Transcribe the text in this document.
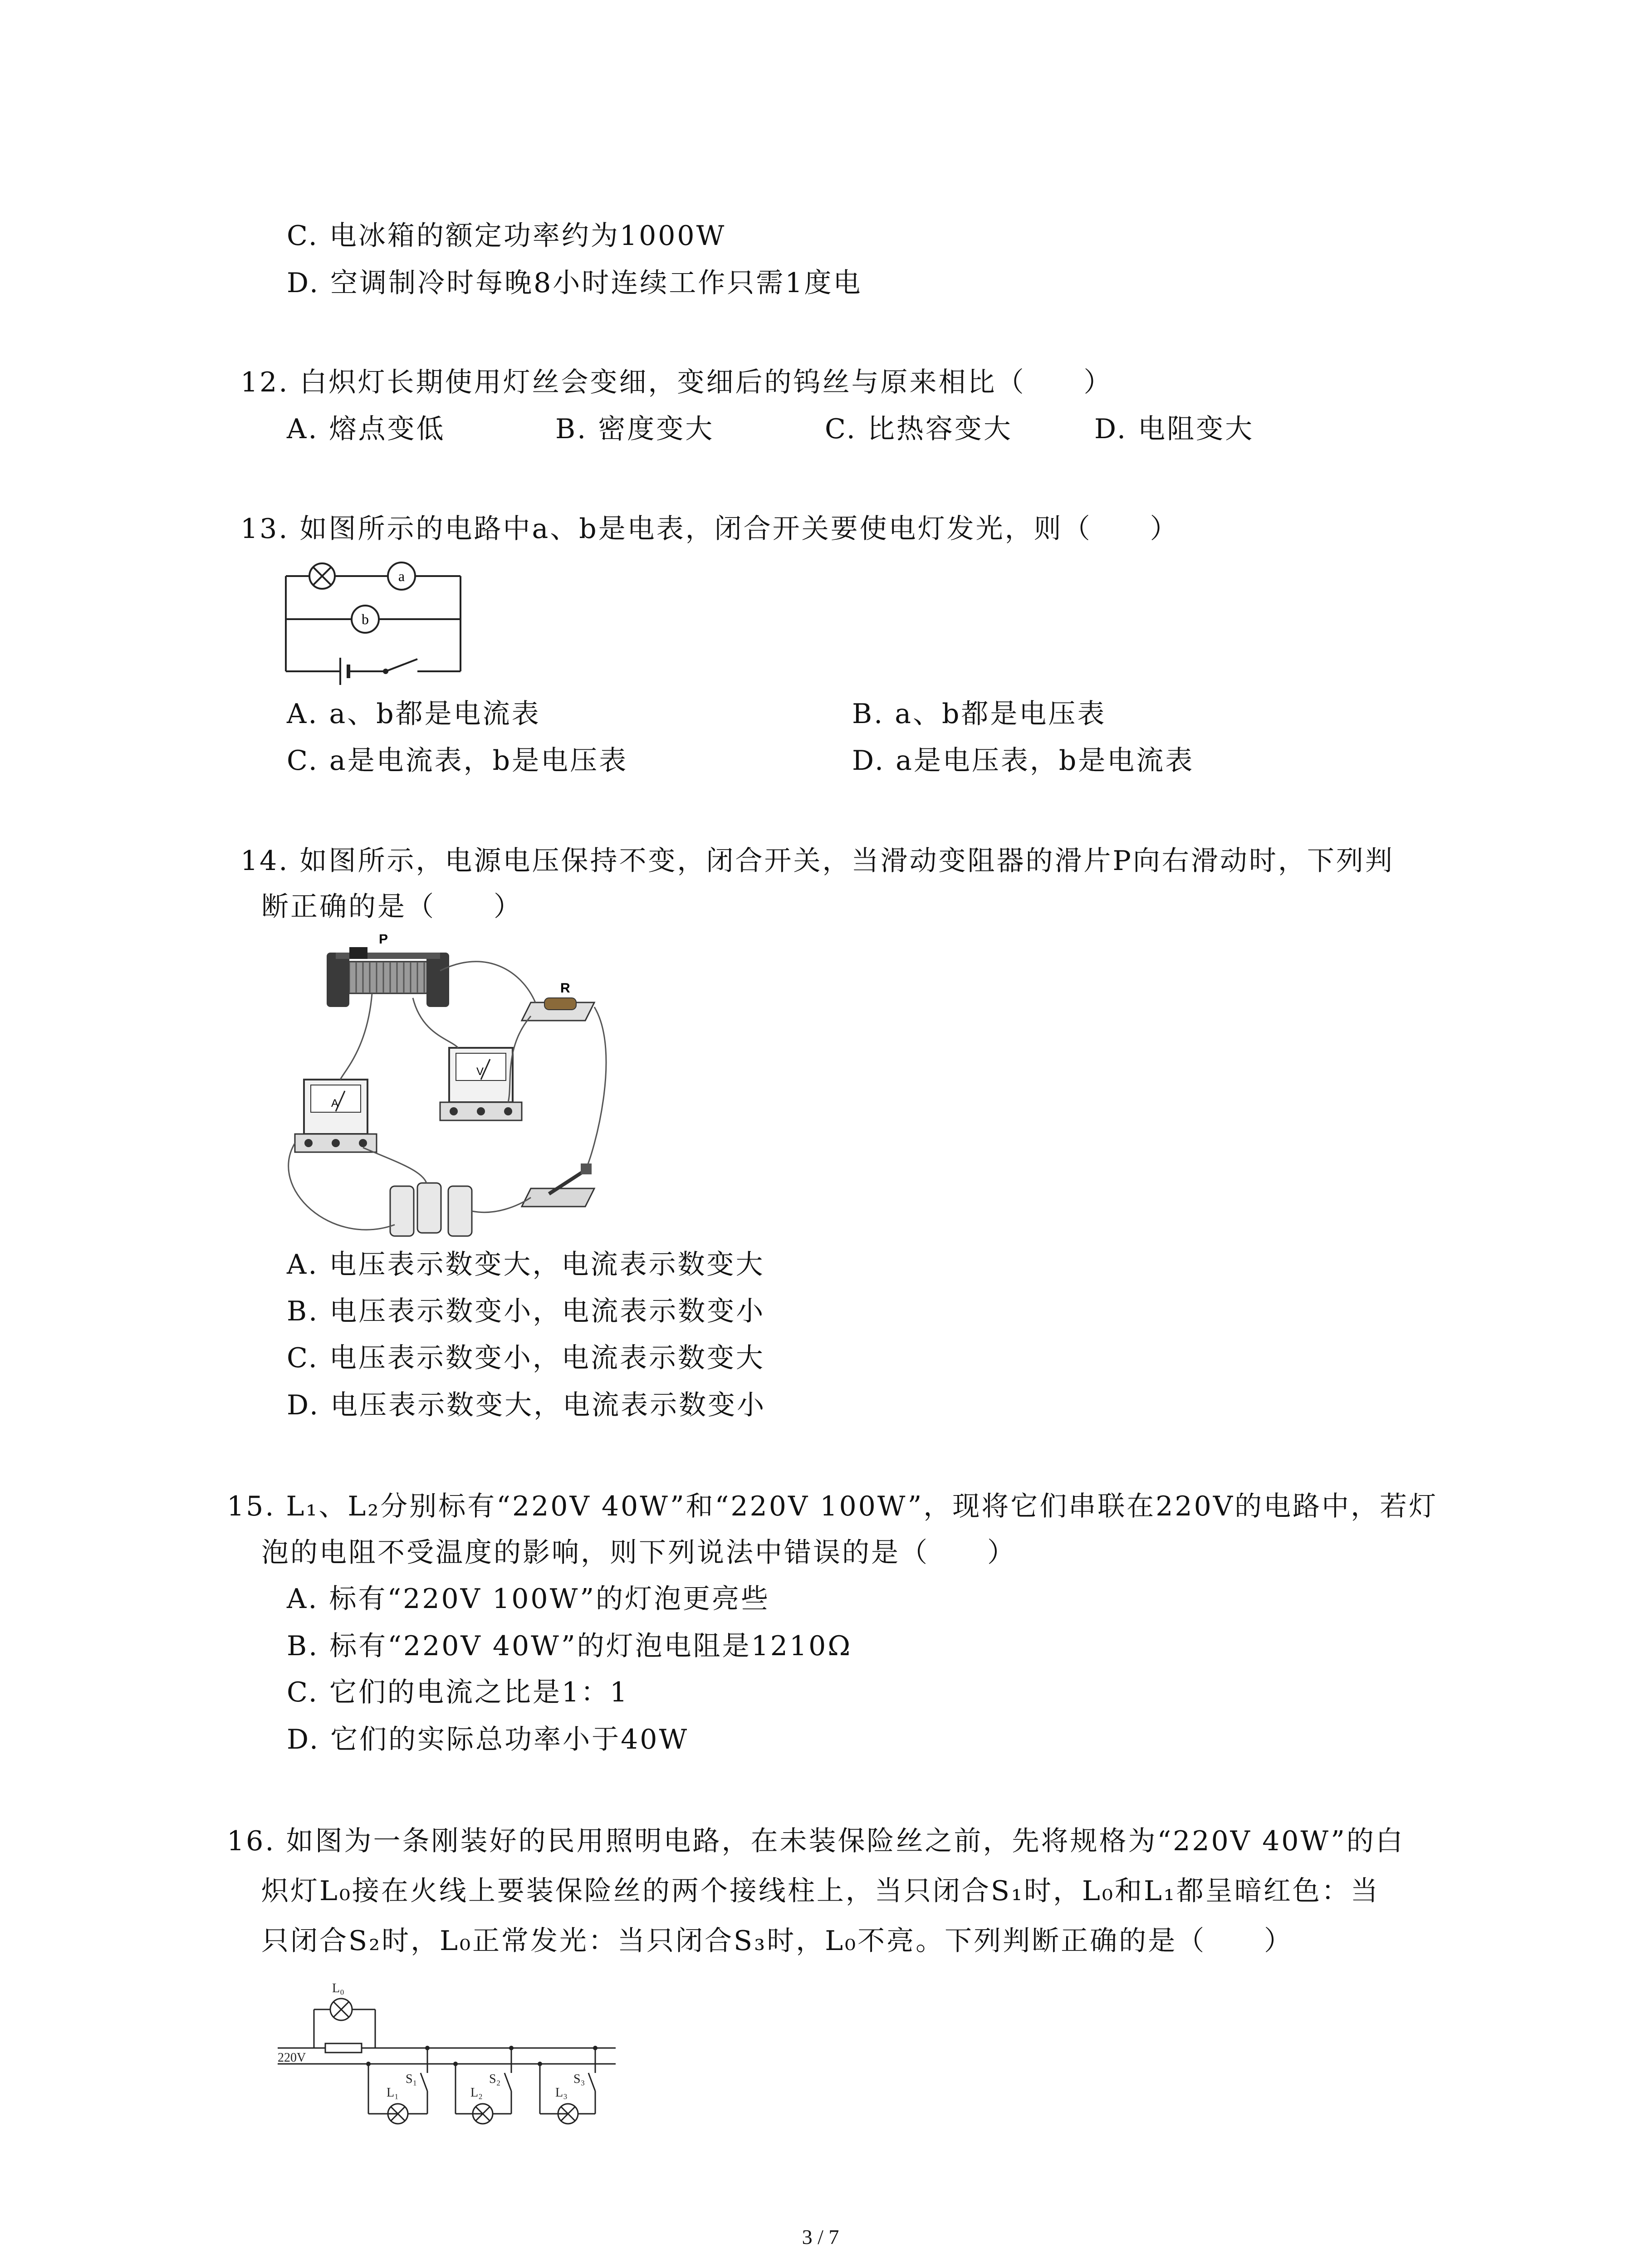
C. 电冰箱的额定功率约为1000W
D. 空调制冷时每晚8小时连续工作只需1度电
12. 白炽灯长期使用灯丝会变细，变细后的钨丝与原来相比（　　）
A. 熔点变低	B. 密度变大	C. 比热容变大	D. 电阻变大
13. 如图所示的电路中a、b是电表，闭合开关要使电灯发光，则（　　）
a
b
A. a、b都是电流表	B. a、b都是电压表
C. a是电流表，b是电压表	D. a是电压表，b是电流表
14. 如图所示，电源电压保持不变，闭合开关，当滑动变阻器的滑片P向右滑动时，下列判
断正确的是（　　）
P
R
V
A
A. 电压表示数变大，电流表示数变大
B. 电压表示数变小，电流表示数变小
C. 电压表示数变小，电流表示数变大
D. 电压表示数变大，电流表示数变小
15. L₁、L₂分别标有“220V 40W”和“220V 100W”，现将它们串联在220V的电路中，若灯
泡的电阻不受温度的影响，则下列说法中错误的是（　　）
A. 标有“220V 100W”的灯泡更亮些
B. 标有“220V 40W”的灯泡电阻是1210Ω
C. 它们的电流之比是1：1
D. 它们的实际总功率小于40W
16. 如图为一条刚装好的民用照明电路，在未装保险丝之前，先将规格为“220V 40W”的白
炽灯L₀接在火线上要装保险丝的两个接线柱上，当只闭合S₁时，L₀和L₁都呈暗红色：当
只闭合S₂时，L₀正常发光：当只闭合S₃时，L₀不亮。下列判断正确的是（　　）
L₀
220V
L₁	L₂	L₃
S₁	S₂	S₃
3 / 7
